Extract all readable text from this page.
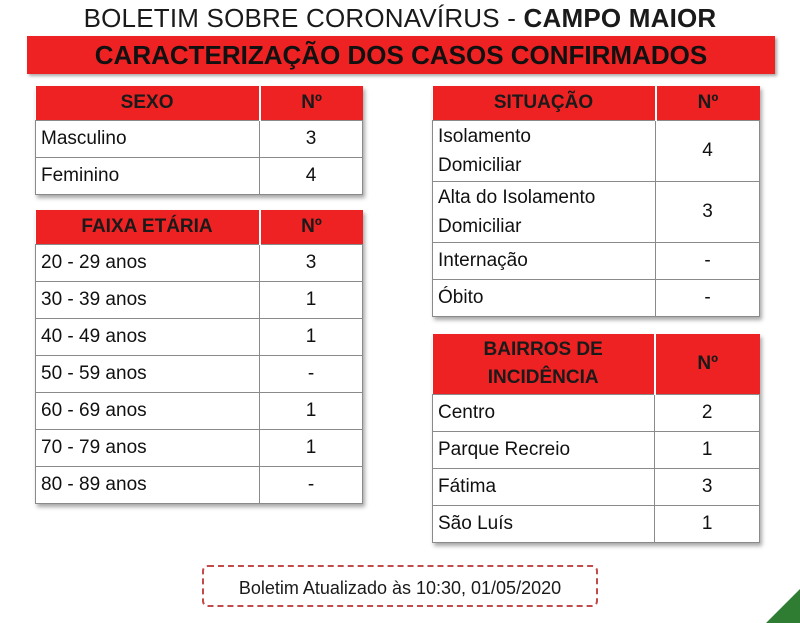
BOLETIM SOBRE CORONAVÍRUS - CAMPO MAIOR
CARACTERIZAÇÃO DOS CASOS CONFIRMADOS
SEXO	Nº
Masculino	3
Feminino	4
FAIXA ETÁRIA	Nº
20 - 29 anos	3
30 - 39 anos	1
40 - 49 anos	1
50 - 59 anos	-
60 - 69 anos	1
70 - 79 anos	1
80 - 89 anos	-
SITUAÇÃO	Nº
Isolamento
Domiciliar	4
Alta do Isolamento
Domiciliar	3
Internação	-
Óbito	-
BAIRROS DE
INCIDÊNCIA	Nº
Centro	2
Parque Recreio	1
Fátima	3
São Luís	1
Boletim Atualizado às 10:30, 01/05/2020
